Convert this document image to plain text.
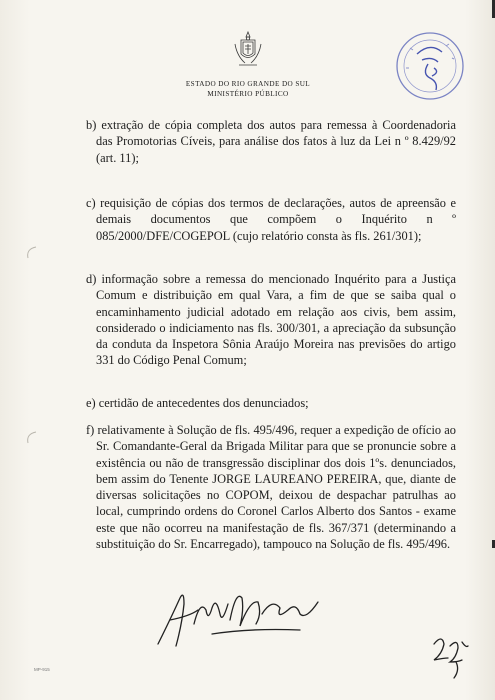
ESTADO DO RIO GRANDE DO SUL
MINISTÉRIO PÚBLICO
b) extração de cópia completa dos autos para remessa à Coordenadoria das Promotorias Cíveis, para análise dos fatos à luz da Lei n º 8.429/92 (art. 11);
c) requisição de cópias dos termos de declarações, autos de apreensão e demais documentos que compõem o Inquérito n º 085/2000/DFE/COGEPOL (cujo relatório consta às fls. 261/301);
d) informação sobre a remessa do mencionado Inquérito para a Justiça Comum e distribuição em qual Vara, a fim de que se saiba qual o encaminhamento judicial adotado em relação aos civis, bem assim, considerado o indiciamento nas fls. 300/301, a apreciação da subsunção da conduta da Inspetora Sônia Araújo Moreira nas previsões do artigo 331 do Código Penal Comum;
e) certidão de antecedentes dos denunciados;
f) relativamente à Solução de fls. 495/496, requer a expedição de ofício ao Sr. Comandante-Geral da Brigada Militar para que se pronuncie sobre a existência ou não de transgressão disciplinar dos dois 1ºs. denunciados, bem assim do Tenente JORGE LAUREANO PEREIRA, que, diante de diversas solicitações no COPOM, deixou de despachar patrulhas ao local, cumprindo ordens do Coronel Carlos Alberto dos Santos - exame este que não ocorreu na manifestação de fls. 367/371 (determinando a substituição do Sr. Encarregado), tampouco na Solução de fls. 495/496.
MP-915
